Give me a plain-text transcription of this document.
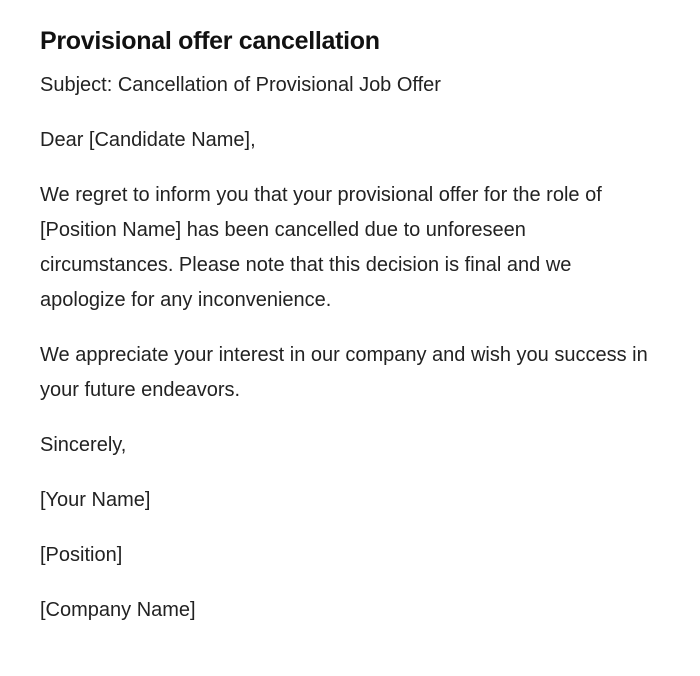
Provisional offer cancellation

Subject: Cancellation of Provisional Job Offer

Dear [Candidate Name],

We regret to inform you that your provisional offer for the role of [Position Name] has been cancelled due to unforeseen circumstances. Please note that this decision is final and we apologize for any inconvenience.

We appreciate your interest in our company and wish you success in your future endeavors.

Sincerely,

[Your Name]

[Position]

[Company Name]
